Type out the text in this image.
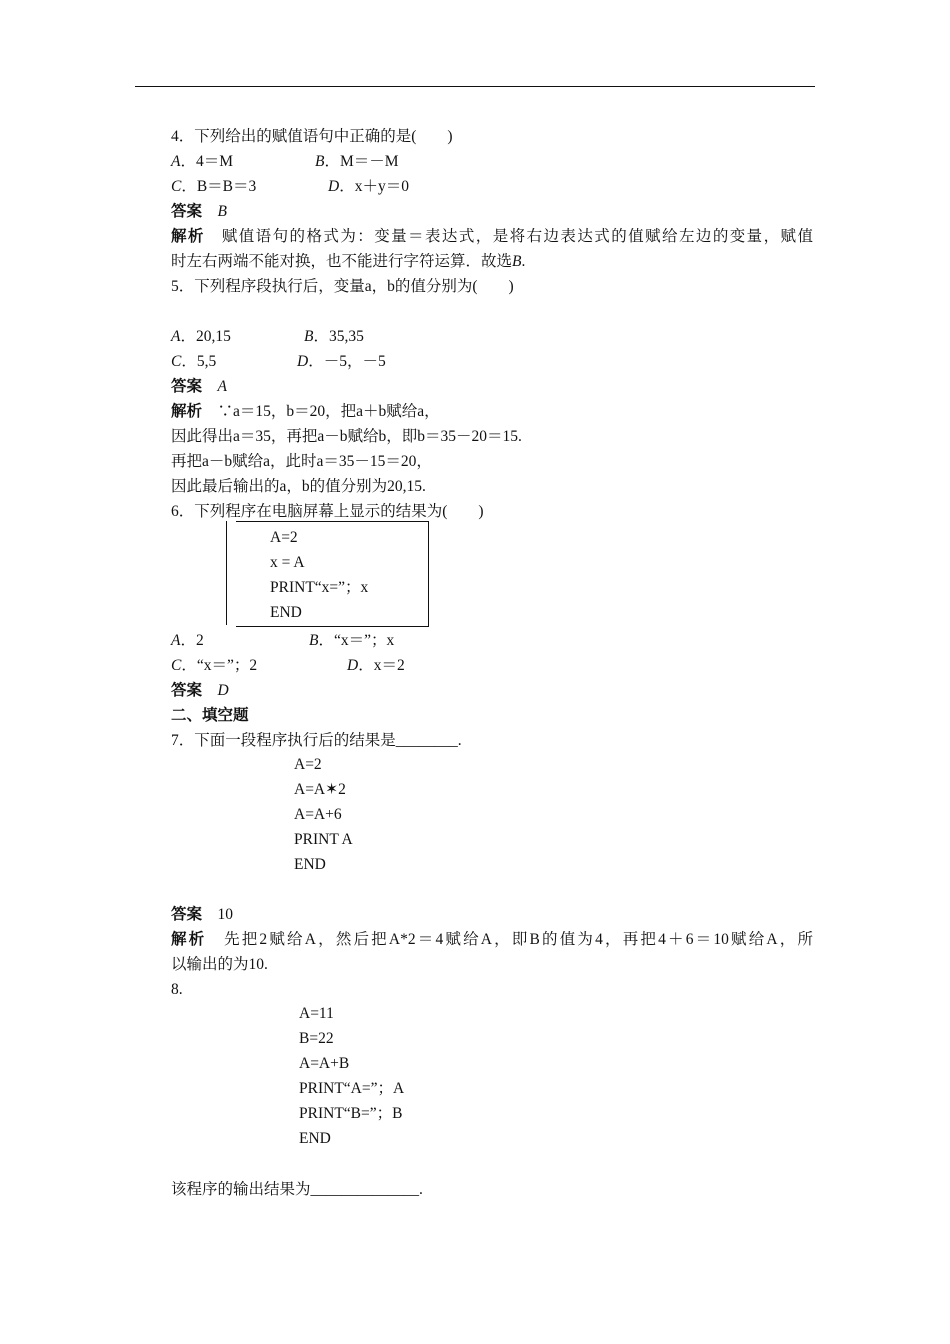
4．下列给出的赋值语句中正确的是(　　)
A．4＝M	B．M＝－M
C．B＝B＝3	D．x＋y＝0
答案　 B
解析　 赋值语句的格式为：变量＝表达式，是将右边表达式的值赋给左边的变量，赋值
时左右两端不能对换，也不能进行字符运算．故选B.
5．下列程序段执行后，变量a，b的值分别为(　　)
A．20,15	B．35,35
C．5,5	D．－5，－5
答案　 A
解析　 ∵a＝15，b＝20，把a＋b赋给a，
因此得出a＝35，再把a－b赋给b，即b＝35－20＝15.
再把a－b赋给a，此时a＝35－15＝20，
因此最后输出的a，b的值分别为20,15.
6．下列程序在电脑屏幕上显示的结果为(　　)
A=2
x = A
PRINT“x=”；x
END
A．2	B．“x＝”；x
C．“x＝”；2	D．x＝2
答案　 D
二、填空题
7．下面一段程序执行后的结果是________.
A=2
A=A✶2
A=A+6
PRINT A
END
答案　 10
解析　 先把2赋给A，然后把A*2＝4赋给A，即B的值为4，再把4＋6＝10赋给A，所
以输出的为10.
8.
A=11
B=22
A=A+B
PRINT“A=”；A
PRINT“B=”；B
END
该程序的输出结果为______________.
